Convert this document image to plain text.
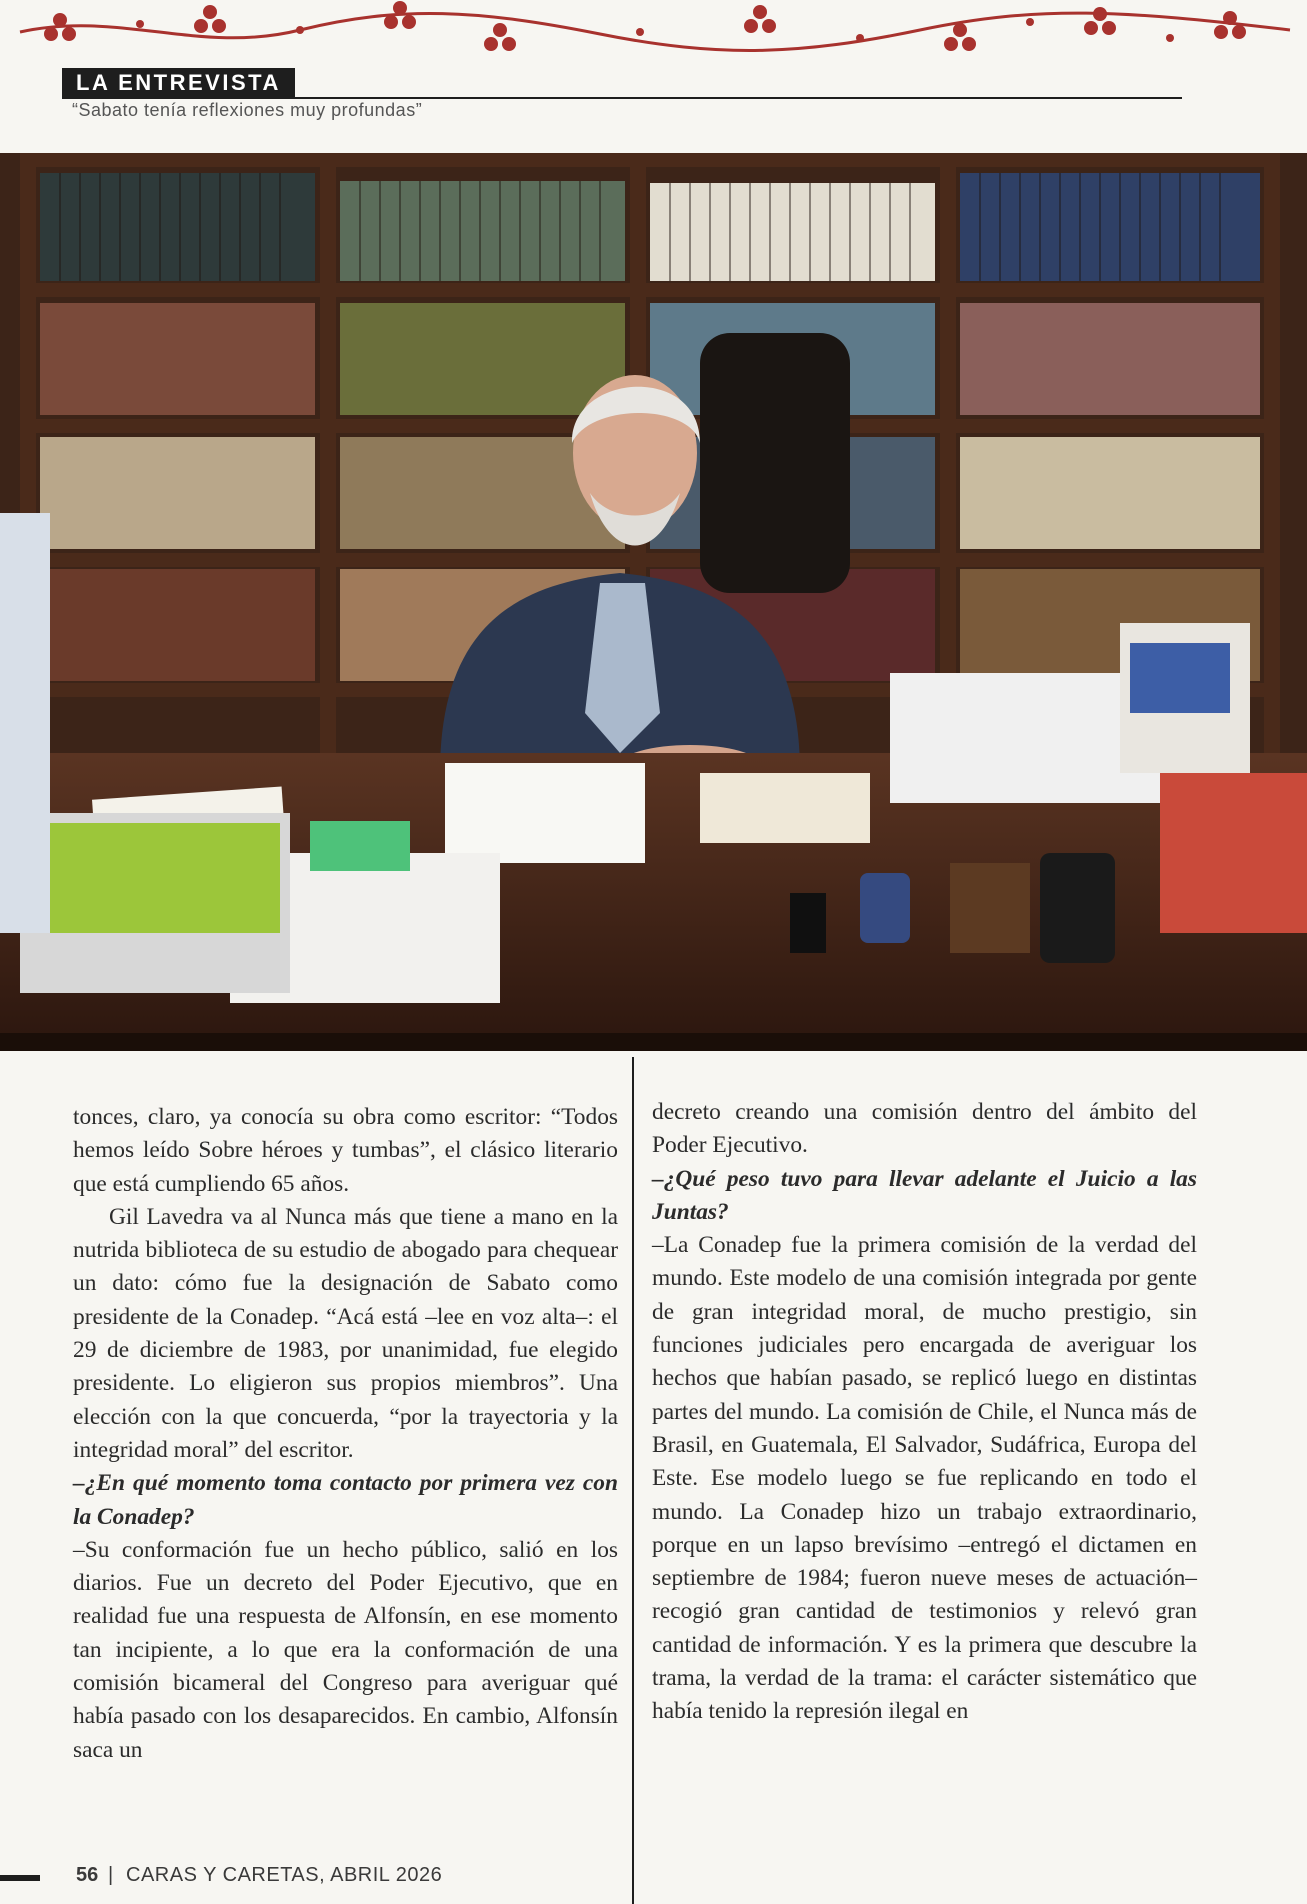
LA ENTREVISTA
“Sabato tenía reflexiones muy profundas”

tonces, claro, ya conocía su obra como escritor: “Todos hemos leído Sobre héroes y tumbas”, el clásico literario que está cumpliendo 65 años.

Gil Lavedra va al Nunca más que tiene a mano en la nutrida biblioteca de su estudio de abogado para chequear un dato: cómo fue la designación de Sabato como presidente de la Conadep. “Acá está –lee en voz alta–: el 29 de diciembre de 1983, por unanimidad, fue elegido presidente. Lo eligieron sus propios miembros”. Una elección con la que concuerda, “por la trayectoria y la integridad moral” del escritor.

–¿En qué momento toma contacto por primera vez con la Conadep?

–Su conformación fue un hecho público, salió en los diarios. Fue un decreto del Poder Ejecutivo, que en realidad fue una respuesta de Alfonsín, en ese momento tan incipiente, a lo que era la conformación de una comisión bicameral del Congreso para averiguar qué había pasado con los desaparecidos. En cambio, Alfonsín saca un

decreto creando una comisión dentro del ámbito del Poder Ejecutivo.

–¿Qué peso tuvo para llevar adelante el Juicio a las Juntas?

–La Conadep fue la primera comisión de la verdad del mundo. Este modelo de una comisión integrada por gente de gran integridad moral, de mucho prestigio, sin funciones judiciales pero encargada de averiguar los hechos que habían pasado, se replicó luego en distintas partes del mundo. La comisión de Chile, el Nunca más de Brasil, en Guatemala, El Salvador, Sudáfrica, Europa del Este. Ese modelo luego se fue replicando en todo el mundo. La Conadep hizo un trabajo extraordinario, porque en un lapso brevísimo –entregó el dictamen en septiembre de 1984; fueron nueve meses de actuación– recogió gran cantidad de testimonios y relevó gran cantidad de información. Y es la primera que descubre la trama, la verdad de la trama: el carácter sistemático que había tenido la represión ilegal en

56 | CARAS Y CARETAS, ABRIL 2026
